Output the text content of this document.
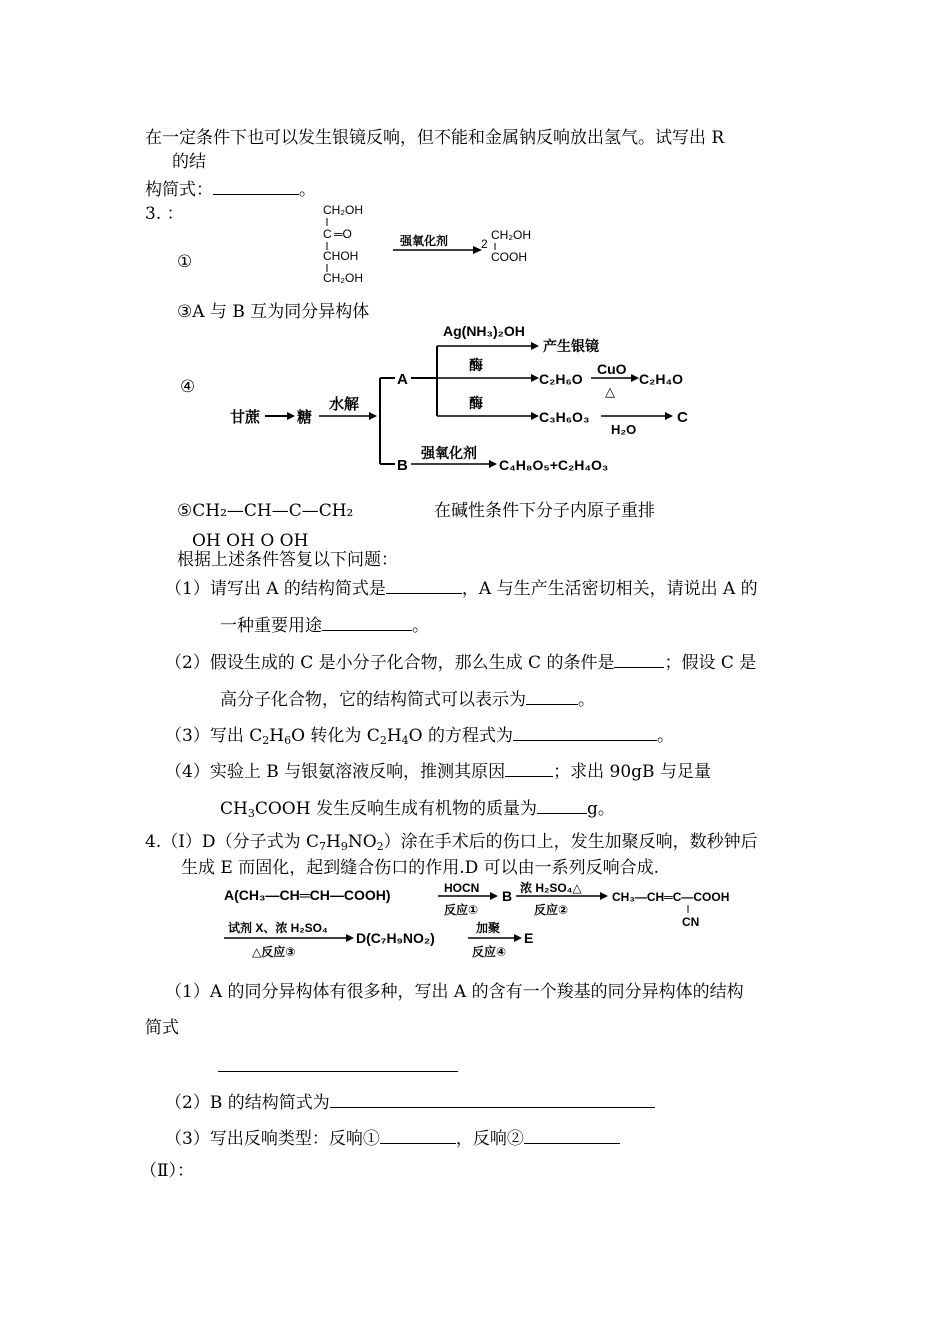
在一定条件下也可以发生银镜反响，但不能和金属钠反响放出氢气。试写出 R
的结
构简式：	。
3. ：
①
CH₂OH
C ═O
CHOH
CH₂OH
强氧化剂	2
CH₂OH
COOH
③A 与 B 互为同分异构体
④
甘蔗 糖
水解
A
B
Ag(NH₃)₂OH
产生银镜
酶
C₂H₆O
CuO
△
C₂H₄O
酶
C₃H₆O₃
H₂O
C
强氧化剂
C₄H₈O₅+C₂H₄O₃
⑤CH₂—CH—C—CH₂	在碱性条件下分子内原子重排
OH OH O OH
根据上述条件答复以下问题：
（1）请写出 A 的结构简式是	，A 与生产生活密切相关，请说出 A 的
一种重要用途	。
（2）假设生成的 C 是小分子化合物，那么生成 C 的条件是	；假设 C 是
高分子化合物，它的结构简式可以表示为	。
（3）写出 $C_2H_6O$ 转化为 $C_2H_4O$ 的方程式为	。
（4）实验上 B 与银氨溶液反响，推测其原因	；求出 90gB 与足量
$CH_3COOH$ 发生反响生成有机物的质量为	g。
4.（I）D（分子式为 $C_7H_9NO_2$）涂在手术后的伤口上，发生加聚反响，数秒钟后
生成 E 而固化，起到缝合伤口的作用.D 可以由一系列反响合成.
A(CH₃—CH═CH—COOH)	HOCN
反应①
B 浓 H₂SO₄△
反应②
CH₃—CH═C—COOH
CN
试剂 X、浓 H₂SO₄
△反应③
D(C₇H₉NO₂)
加聚
反应④
E
（1）A 的同分异构体有很多种，写出 A 的含有一个羧基的同分异构体的结构
简式
（2）B 的结构简式为
（3）写出反响类型：反响①	，反响②
（Ⅱ）：
